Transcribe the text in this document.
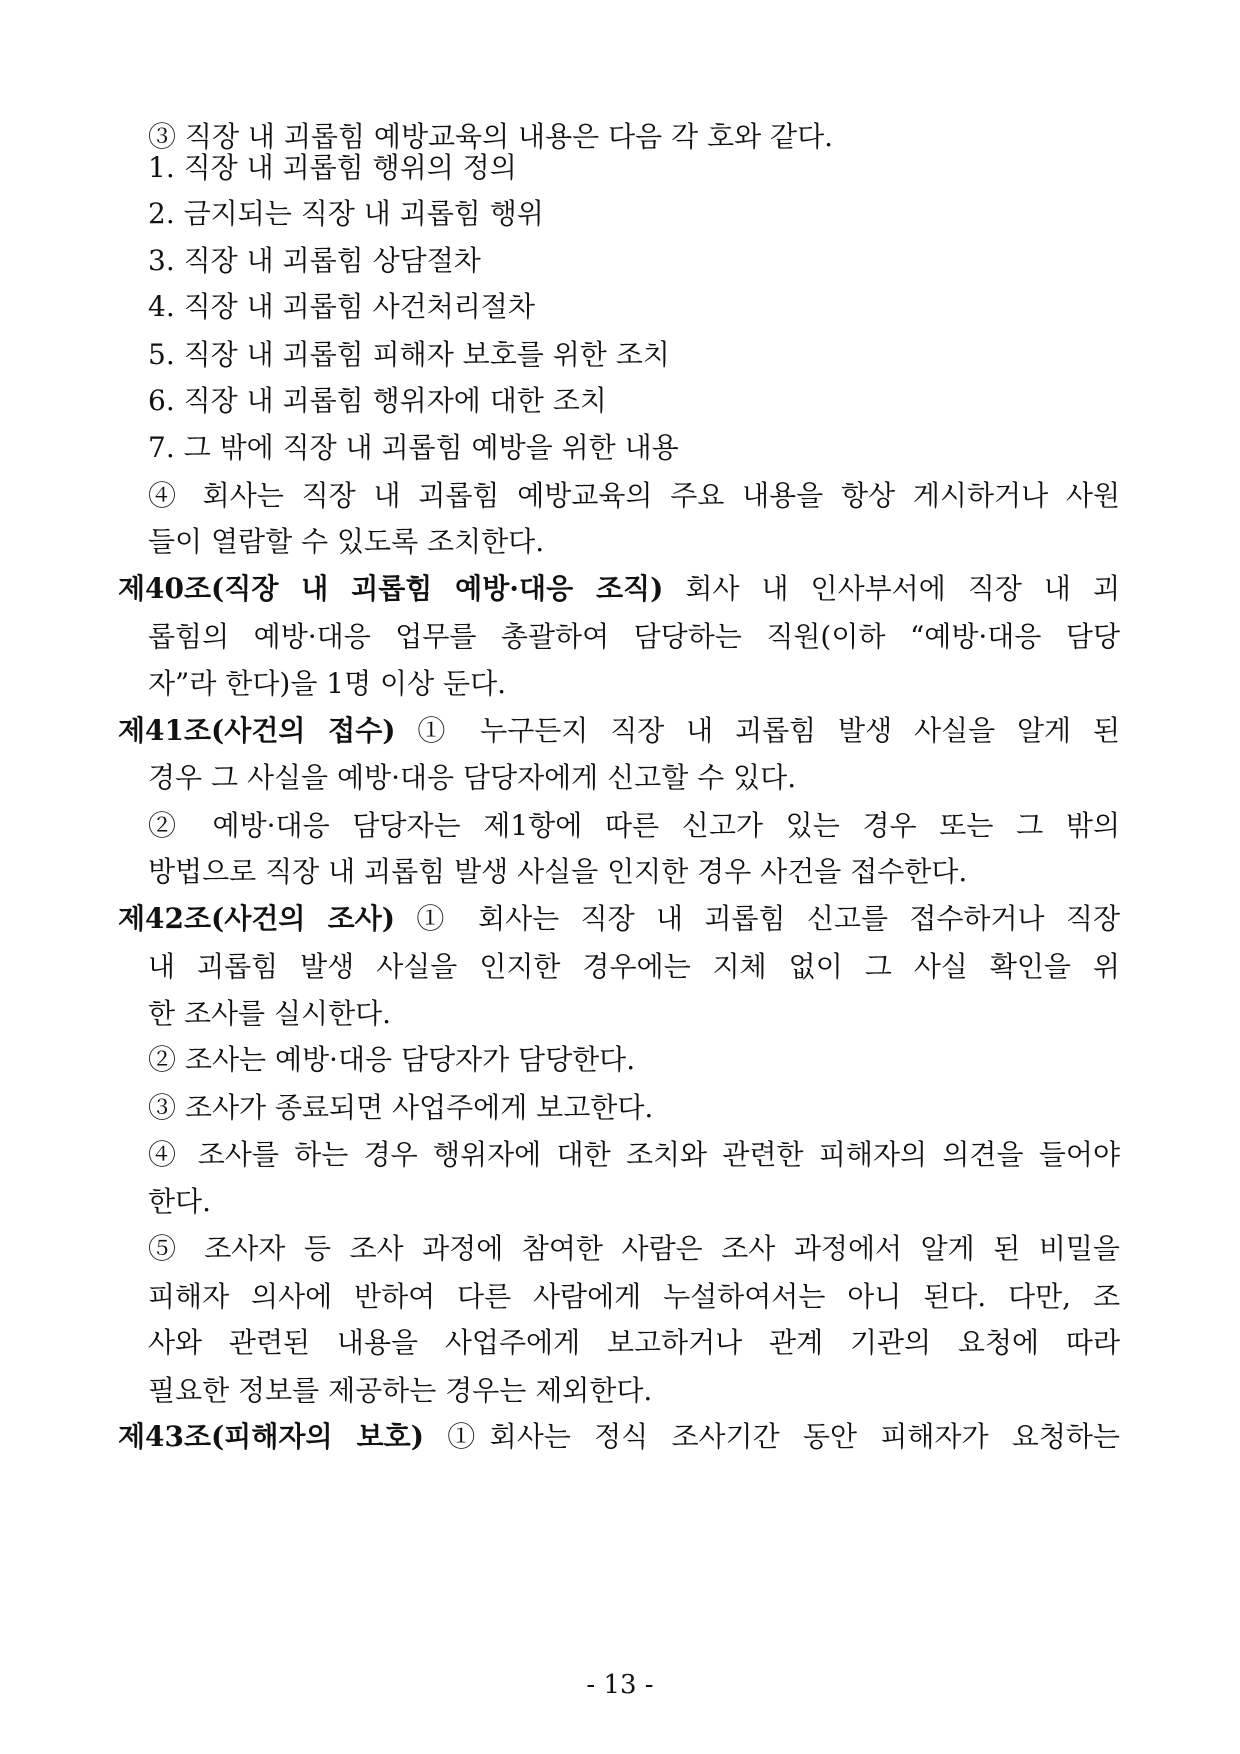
③ 직장 내 괴롭힘 예방교육의 내용은 다음 각 호와 같다.
1. 직장 내 괴롭힘 행위의 정의
2. 금지되는 직장 내 괴롭힘 행위
3. 직장 내 괴롭힘 상담절차
4. 직장 내 괴롭힘 사건처리절차
5. 직장 내 괴롭힘 피해자 보호를 위한 조치
6. 직장 내 괴롭힘 행위자에 대한 조치
7. 그 밖에 직장 내 괴롭힘 예방을 위한 내용
④ 회사는 직장 내 괴롭힘 예방교육의 주요 내용을 항상 게시하거나 사원
들이 열람할 수 있도록 조치한다.
제40조(직장 내 괴롭힘 예방·대응 조직) 회사 내 인사부서에 직장 내 괴
롭힘의 예방·대응 업무를 총괄하여 담당하는 직원(이하 “예방·대응 담당
자”라 한다)을 1명 이상 둔다.
제41조(사건의 접수) ① 누구든지 직장 내 괴롭힘 발생 사실을 알게 된
경우 그 사실을 예방·대응 담당자에게 신고할 수 있다.
② 예방·대응 담당자는 제1항에 따른 신고가 있는 경우 또는 그 밖의
방법으로 직장 내 괴롭힘 발생 사실을 인지한 경우 사건을 접수한다.
제42조(사건의 조사) ① 회사는 직장 내 괴롭힘 신고를 접수하거나 직장
내 괴롭힘 발생 사실을 인지한 경우에는 지체 없이 그 사실 확인을 위
한 조사를 실시한다.
② 조사는 예방·대응 담당자가 담당한다.
③ 조사가 종료되면 사업주에게 보고한다.
④ 조사를 하는 경우 행위자에 대한 조치와 관련한 피해자의 의견을 들어야
한다.
⑤ 조사자 등 조사 과정에 참여한 사람은 조사 과정에서 알게 된 비밀을
피해자 의사에 반하여 다른 사람에게 누설하여서는 아니 된다. 다만, 조
사와 관련된 내용을 사업주에게 보고하거나 관계 기관의 요청에 따라
필요한 정보를 제공하는 경우는 제외한다.
제43조(피해자의 보호) ①회사는 정식 조사기간 동안 피해자가 요청하는
- 13 -
